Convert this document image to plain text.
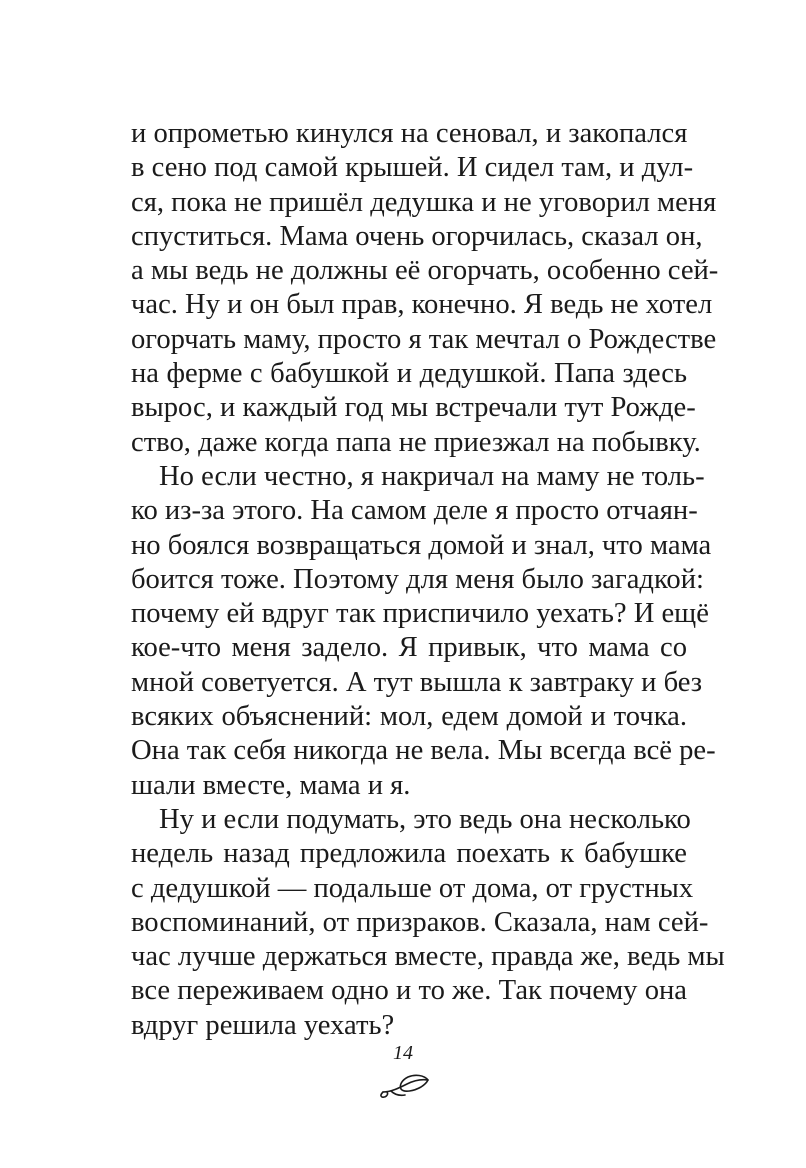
и опрометью кинулся на сеновал, и закопался
в сено под самой крышей. И сидел там, и дул-
ся, пока не пришёл дедушка и не уговорил меня
спуститься. Мама очень огорчилась, сказал он,
а мы ведь не должны её огорчать, особенно сей-
час. Ну и он был прав, конечно. Я ведь не хотел
огорчать маму, просто я так мечтал о Рождестве
на ферме с бабушкой и дедушкой. Папа здесь
вырос, и каждый год мы встречали тут Рожде-
ство, даже когда папа не приезжал на побывку.
Но если честно, я накричал на маму не толь-
ко из-за этого. На самом деле я просто отчаян-
но боялся возвращаться домой и знал, что мама
боится тоже. Поэтому для меня было загадкой:
почему ей вдруг так приспичило уехать? И ещё
кое-что меня задело. Я привык, что мама со
мной советуется. А тут вышла к завтраку и без
всяких объяснений: мол, едем домой и точка.
Она так себя никогда не вела. Мы всегда всё ре-
шали вместе, мама и я.
Ну и если подумать, это ведь она несколько
недель назад предложила поехать к бабушке
с дедушкой — подальше от дома, от грустных
воспоминаний, от призраков. Сказала, нам сей-
час лучше держаться вместе, правда же, ведь мы
все переживаем одно и то же. Так почему она
вдруг решила уехать?
14
